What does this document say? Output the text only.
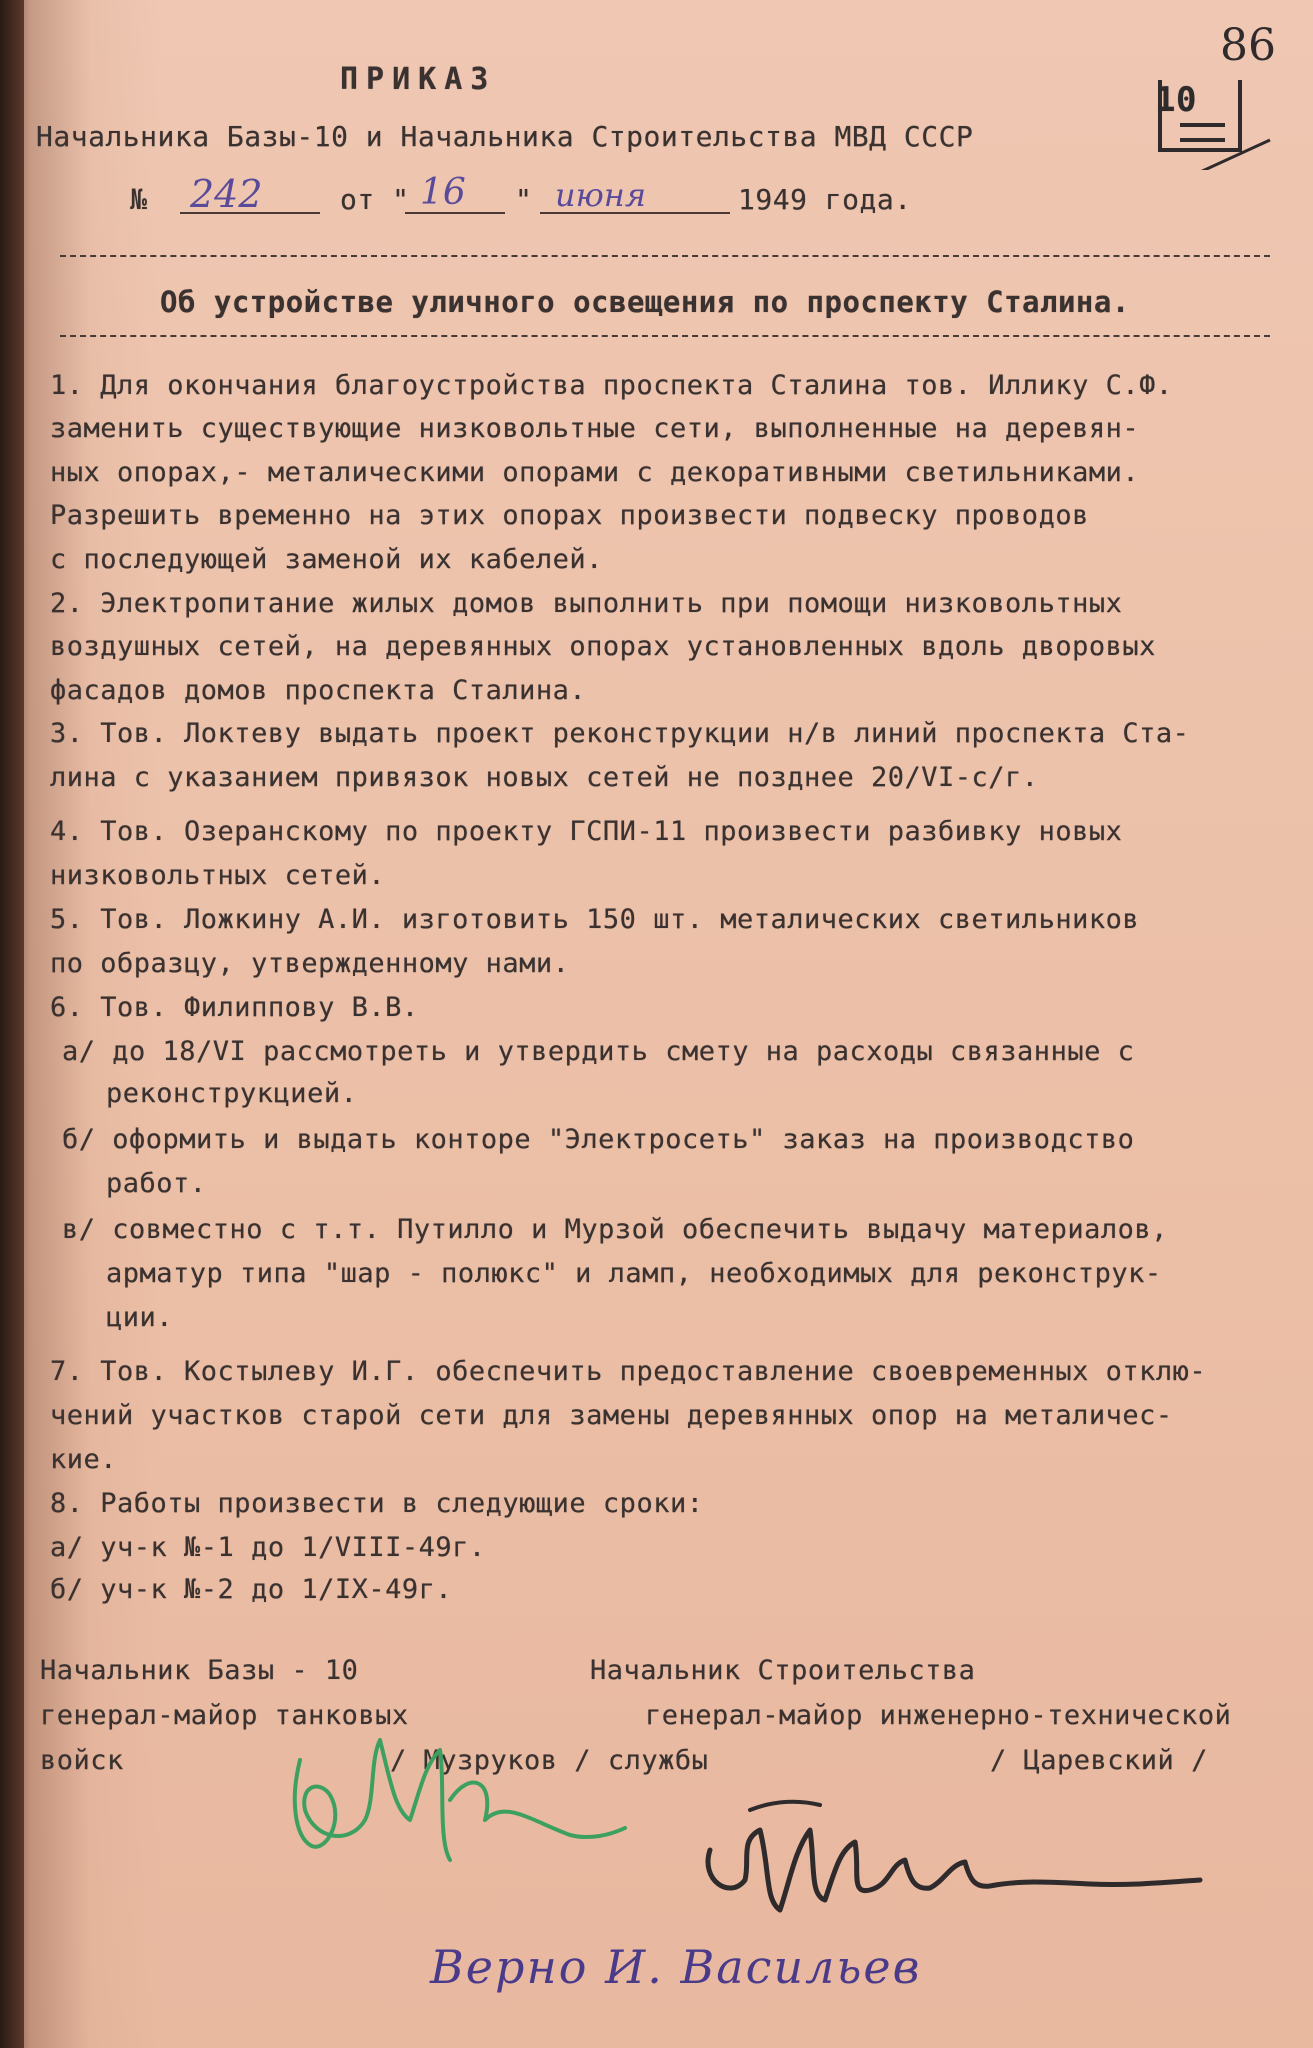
ПРИКАЗ
Начальника Базы-10 и Начальника Строительства МВД СССР
№ 242	от " 16 " июня	1949 года.
10
86
Об устройстве уличного освещения по проспекту Сталина.
1. Для окончания благоустройства проспекта Сталина тов. Иллику С.Ф.
заменить существующие низковольтные сети, выполненные на деревян-
ных опорах,- металическими опорами с декоративными светильниками.
Разрешить временно на этих опорах произвести подвеску проводов
с последующей заменой их кабелей.
2. Электропитание жилых домов выполнить при помощи низковольтных
воздушных сетей, на деревянных опорах установленных вдоль дворовых
фасадов домов проспекта Сталина.
3. Тов. Локтеву выдать проект реконструкции н/в линий проспекта Ста-
лина с указанием привязок новых сетей не позднее 20/VI-с/г.
4. Тов. Озеранскому по проекту ГСПИ-11 произвести разбивку новых
низковольтных сетей.
5. Тов. Ложкину А.И. изготовить 150 шт. металических светильников
по образцу, утвержденному нами.
6. Тов. Филиппову В.В.
а/ до 18/VI рассмотреть и утвердить смету на расходы связанные с
реконструкцией.
б/ оформить и выдать конторе "Электросеть" заказ на производство
работ.
в/ совместно с т.т. Путилло и Мурзой обеспечить выдачу материалов,
арматур типа "шар - полюкс" и ламп, необходимых для реконструк-
ции.
7. Тов. Костылеву И.Г. обеспечить предоставление своевременных отклю-
чений участков старой сети для замены деревянных опор на металичес-
кие.
8. Работы произвести в следующие сроки:
а/ уч-к №-1 до 1/VIII-49г.
б/ уч-к №-2 до 1/IX-49г.
Начальник Базы - 10
генерал-майор танковых
войск	/ Музруков / службы
Начальник Строительства
генерал-майор инженерно-технической
/ Царевский /
Верно И. Васильев
